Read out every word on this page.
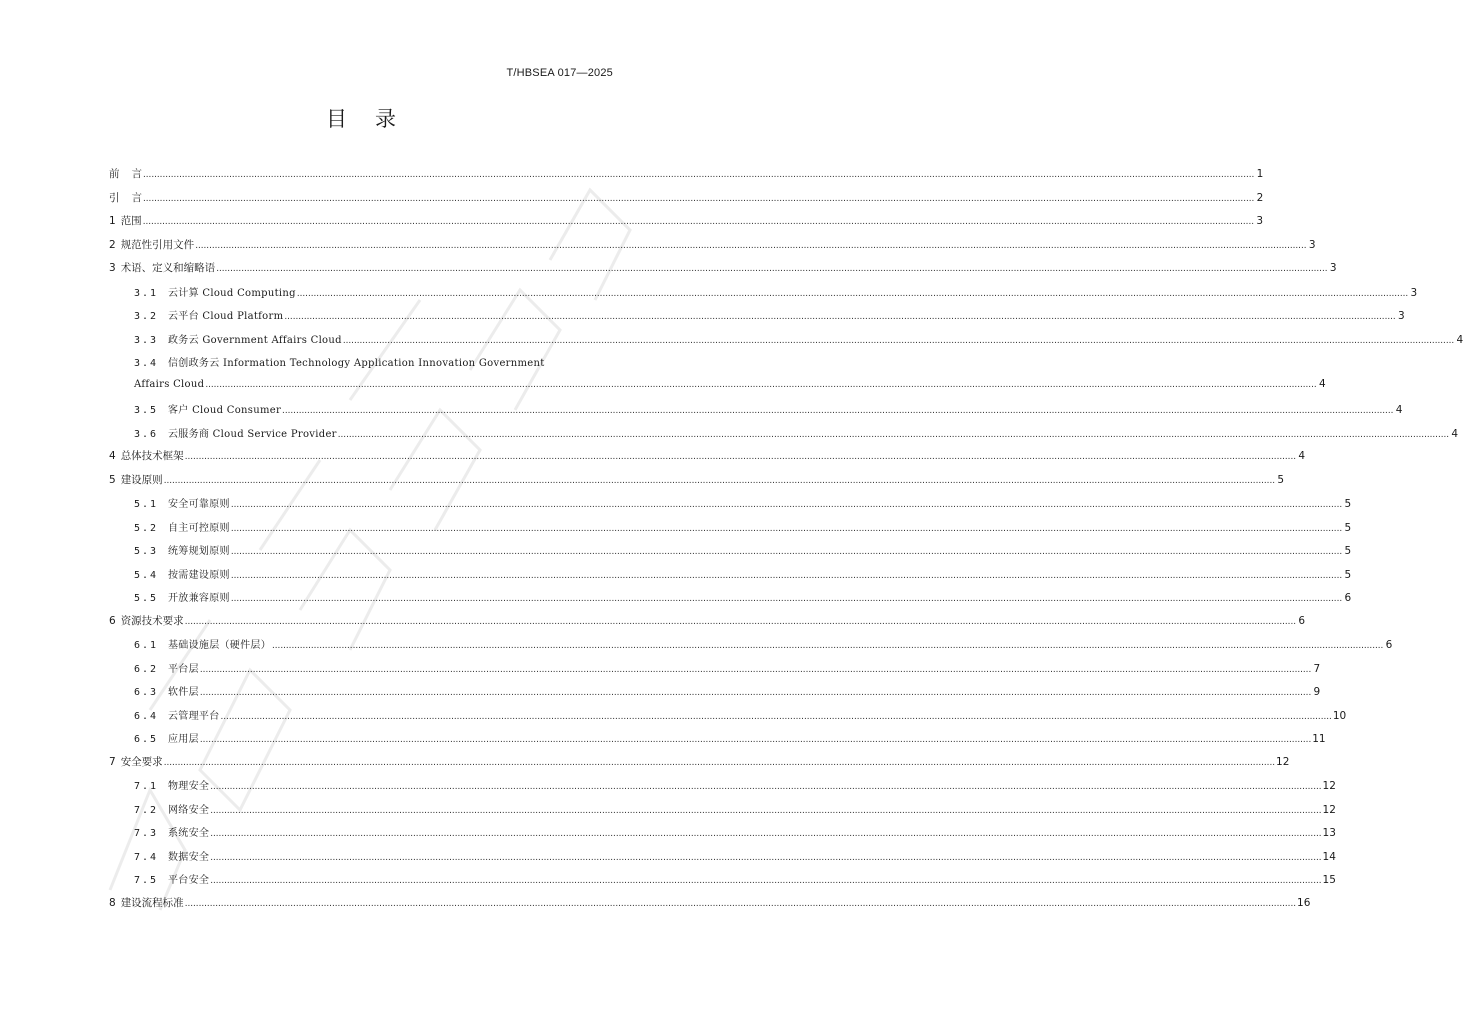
T/HBSEA 017—2025
目 录
前 言 ................................................................................................................................................................................................................................................................................................................................................................................................................ 1
引 言 ................................................................................................................................................................................................................................................................................................................................................................................................................ 2
1 范围 ................................................................................................................................................................................................................................................................................................................................................................................................................ 3
2 规范性引用文件 ................................................................................................................................................................................................................................................................................................................................................................................................................ 3
3 术语、定义和缩略语 ................................................................................................................................................................................................................................................................................................................................................................................................................ 3
3.1 云计算 Cloud Computing ................................................................................................................................................................................................................................................................................................................................................................................................................ 3
3.2 云平台 Cloud Platform ................................................................................................................................................................................................................................................................................................................................................................................................................ 3
3.3 政务云 Government Affairs Cloud ................................................................................................................................................................................................................................................................................................................................................................................................................ 4
3.4 信创政务云 Information Technology Application Innovation Government
Affairs Cloud ................................................................................................................................................................................................................................................................................................................................................................................................................ 4
3.5 客户 Cloud Consumer ................................................................................................................................................................................................................................................................................................................................................................................................................ 4
3.6 云服务商 Cloud Service Provider ................................................................................................................................................................................................................................................................................................................................................................................................................ 4
4 总体技术框架 ................................................................................................................................................................................................................................................................................................................................................................................................................ 4
5 建设原则 ................................................................................................................................................................................................................................................................................................................................................................................................................ 5
5.1 安全可靠原则 ................................................................................................................................................................................................................................................................................................................................................................................................................ 5
5.2 自主可控原则 ................................................................................................................................................................................................................................................................................................................................................................................................................ 5
5.3 统筹规划原则 ................................................................................................................................................................................................................................................................................................................................................................................................................ 5
5.4 按需建设原则 ................................................................................................................................................................................................................................................................................................................................................................................................................ 5
5.5 开放兼容原则 ................................................................................................................................................................................................................................................................................................................................................................................................................ 6
6 资源技术要求 ................................................................................................................................................................................................................................................................................................................................................................................................................ 6
6.1 基础设施层（硬件层） ................................................................................................................................................................................................................................................................................................................................................................................................................ 6
6.2 平台层 ................................................................................................................................................................................................................................................................................................................................................................................................................ 7
6.3 软件层 ................................................................................................................................................................................................................................................................................................................................................................................................................ 9
6.4 云管理平台 ................................................................................................................................................................................................................................................................................................................................................................................................................ 10
6.5 应用层 ................................................................................................................................................................................................................................................................................................................................................................................................................ 11
7 安全要求 ................................................................................................................................................................................................................................................................................................................................................................................................................ 12
7.1 物理安全 ................................................................................................................................................................................................................................................................................................................................................................................................................ 12
7.2 网络安全 ................................................................................................................................................................................................................................................................................................................................................................................................................ 12
7.3 系统安全 ................................................................................................................................................................................................................................................................................................................................................................................................................ 13
7.4 数据安全 ................................................................................................................................................................................................................................................................................................................................................................................................................ 14
7.5 平台安全 ................................................................................................................................................................................................................................................................................................................................................................................................................ 15
8 建设流程标准 ................................................................................................................................................................................................................................................................................................................................................................................................................ 16
